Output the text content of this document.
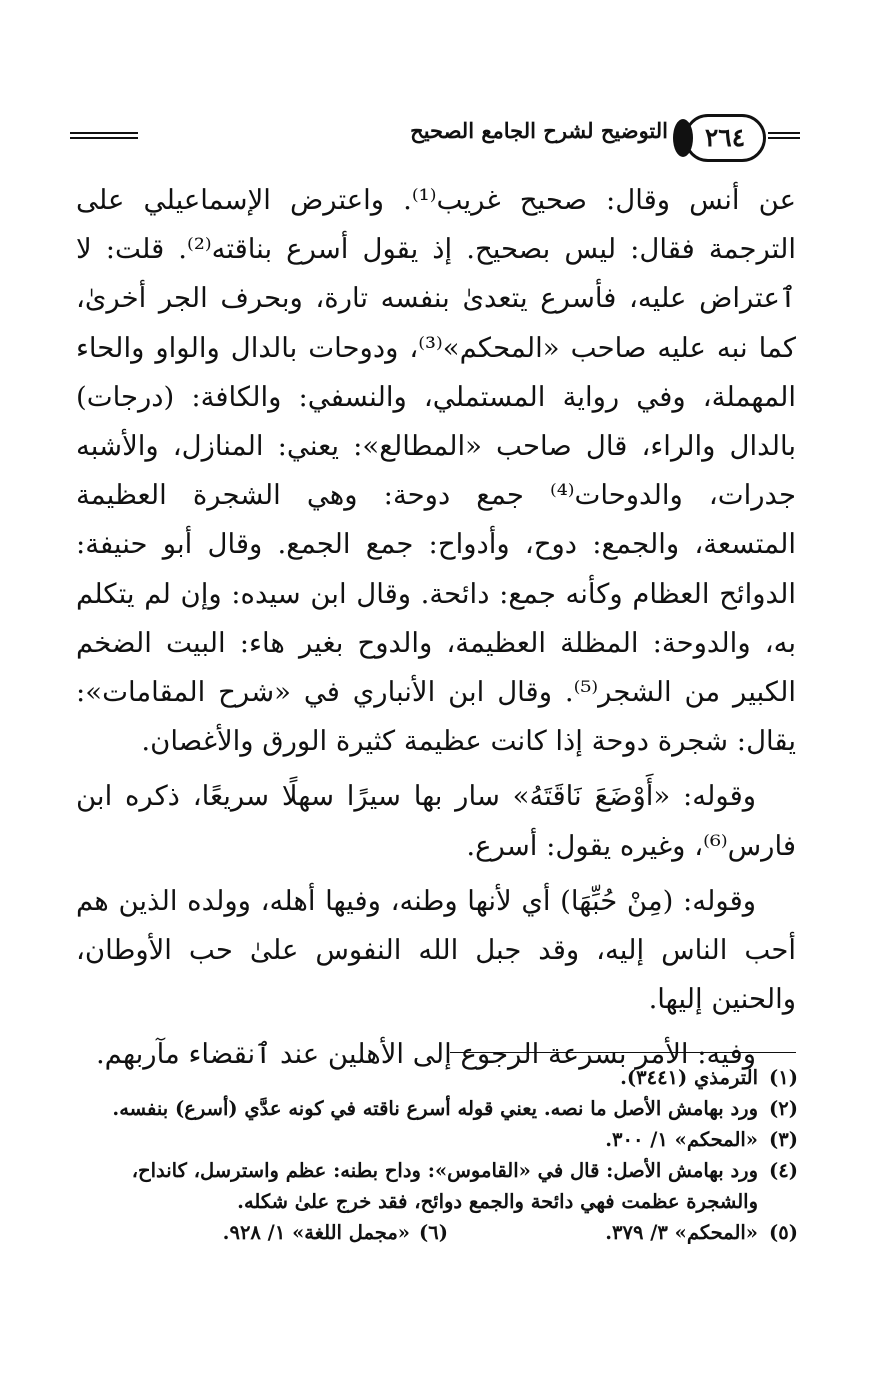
٢٦٤
التوضيح لشرح الجامع الصحيح

عن أنس وقال: صحيح غريب⁽¹⁾. واعترض الإسماعيلي على الترجمة فقال: ليس بصحيح. إذ يقول أسرع بناقته⁽²⁾. قلت: لا ٱعتراض عليه، فأسرع يتعدىٰ بنفسه تارة، وبحرف الجر أخرىٰ، كما نبه عليه صاحب «المحكم»⁽³⁾، ودوحات بالدال والواو والحاء المهملة، وفي رواية المستملي، والنسفي: والكافة: (درجات) بالدال والراء، قال صاحب «المطالع»: يعني: المنازل، والأشبه جدرات، والدوحات⁽⁴⁾ جمع دوحة: وهي الشجرة العظيمة المتسعة، والجمع: دوح، وأدواح: جمع الجمع. وقال أبو حنيفة: الدوائح العظام وكأنه جمع: دائحة. وقال ابن سيده: وإن لم يتكلم به، والدوحة: المظلة العظيمة، والدوح بغير هاء: البيت الضخم الكبير من الشجر⁽⁵⁾. وقال ابن الأنباري في «شرح المقامات»: يقال: شجرة دوحة إذا كانت عظيمة كثيرة الورق والأغصان.

وقوله: «أَوْضَعَ نَاقَتَهُ» سار بها سيرًا سهلًا سريعًا، ذكره ابن فارس⁽⁶⁾، وغيره يقول: أسرع.

وقوله: (مِنْ حُبِّهَا) أي لأنها وطنه، وفيها أهله، وولده الذين هم أحب الناس إليه، وقد جبل الله النفوس علىٰ حب الأوطان، والحنين إليها.

وفيه: الأمر بسرعة الرجوع إلى الأهلين عند ٱنقضاء مآربهم.

(١)
الترمذي (٣٤٤١).
(٢)
ورد بهامش الأصل ما نصه. يعني قوله أسرع ناقته في كونه عدَّي (أسرع) بنفسه.
(٣)
«المحكم» ١/ ٣٠٠.
(٤)
ورد بهامش الأصل: قال في «القاموس»: وداح بطنه: عظم واسترسل، كانداح، والشجرة عظمت فهي دائحة والجمع دوائح، فقد خرج علىٰ شكله.
(٥)
«المحكم» ٣/ ٣٧٩.
(٦)
«مجمل اللغة» ١/ ٩٢٨.
